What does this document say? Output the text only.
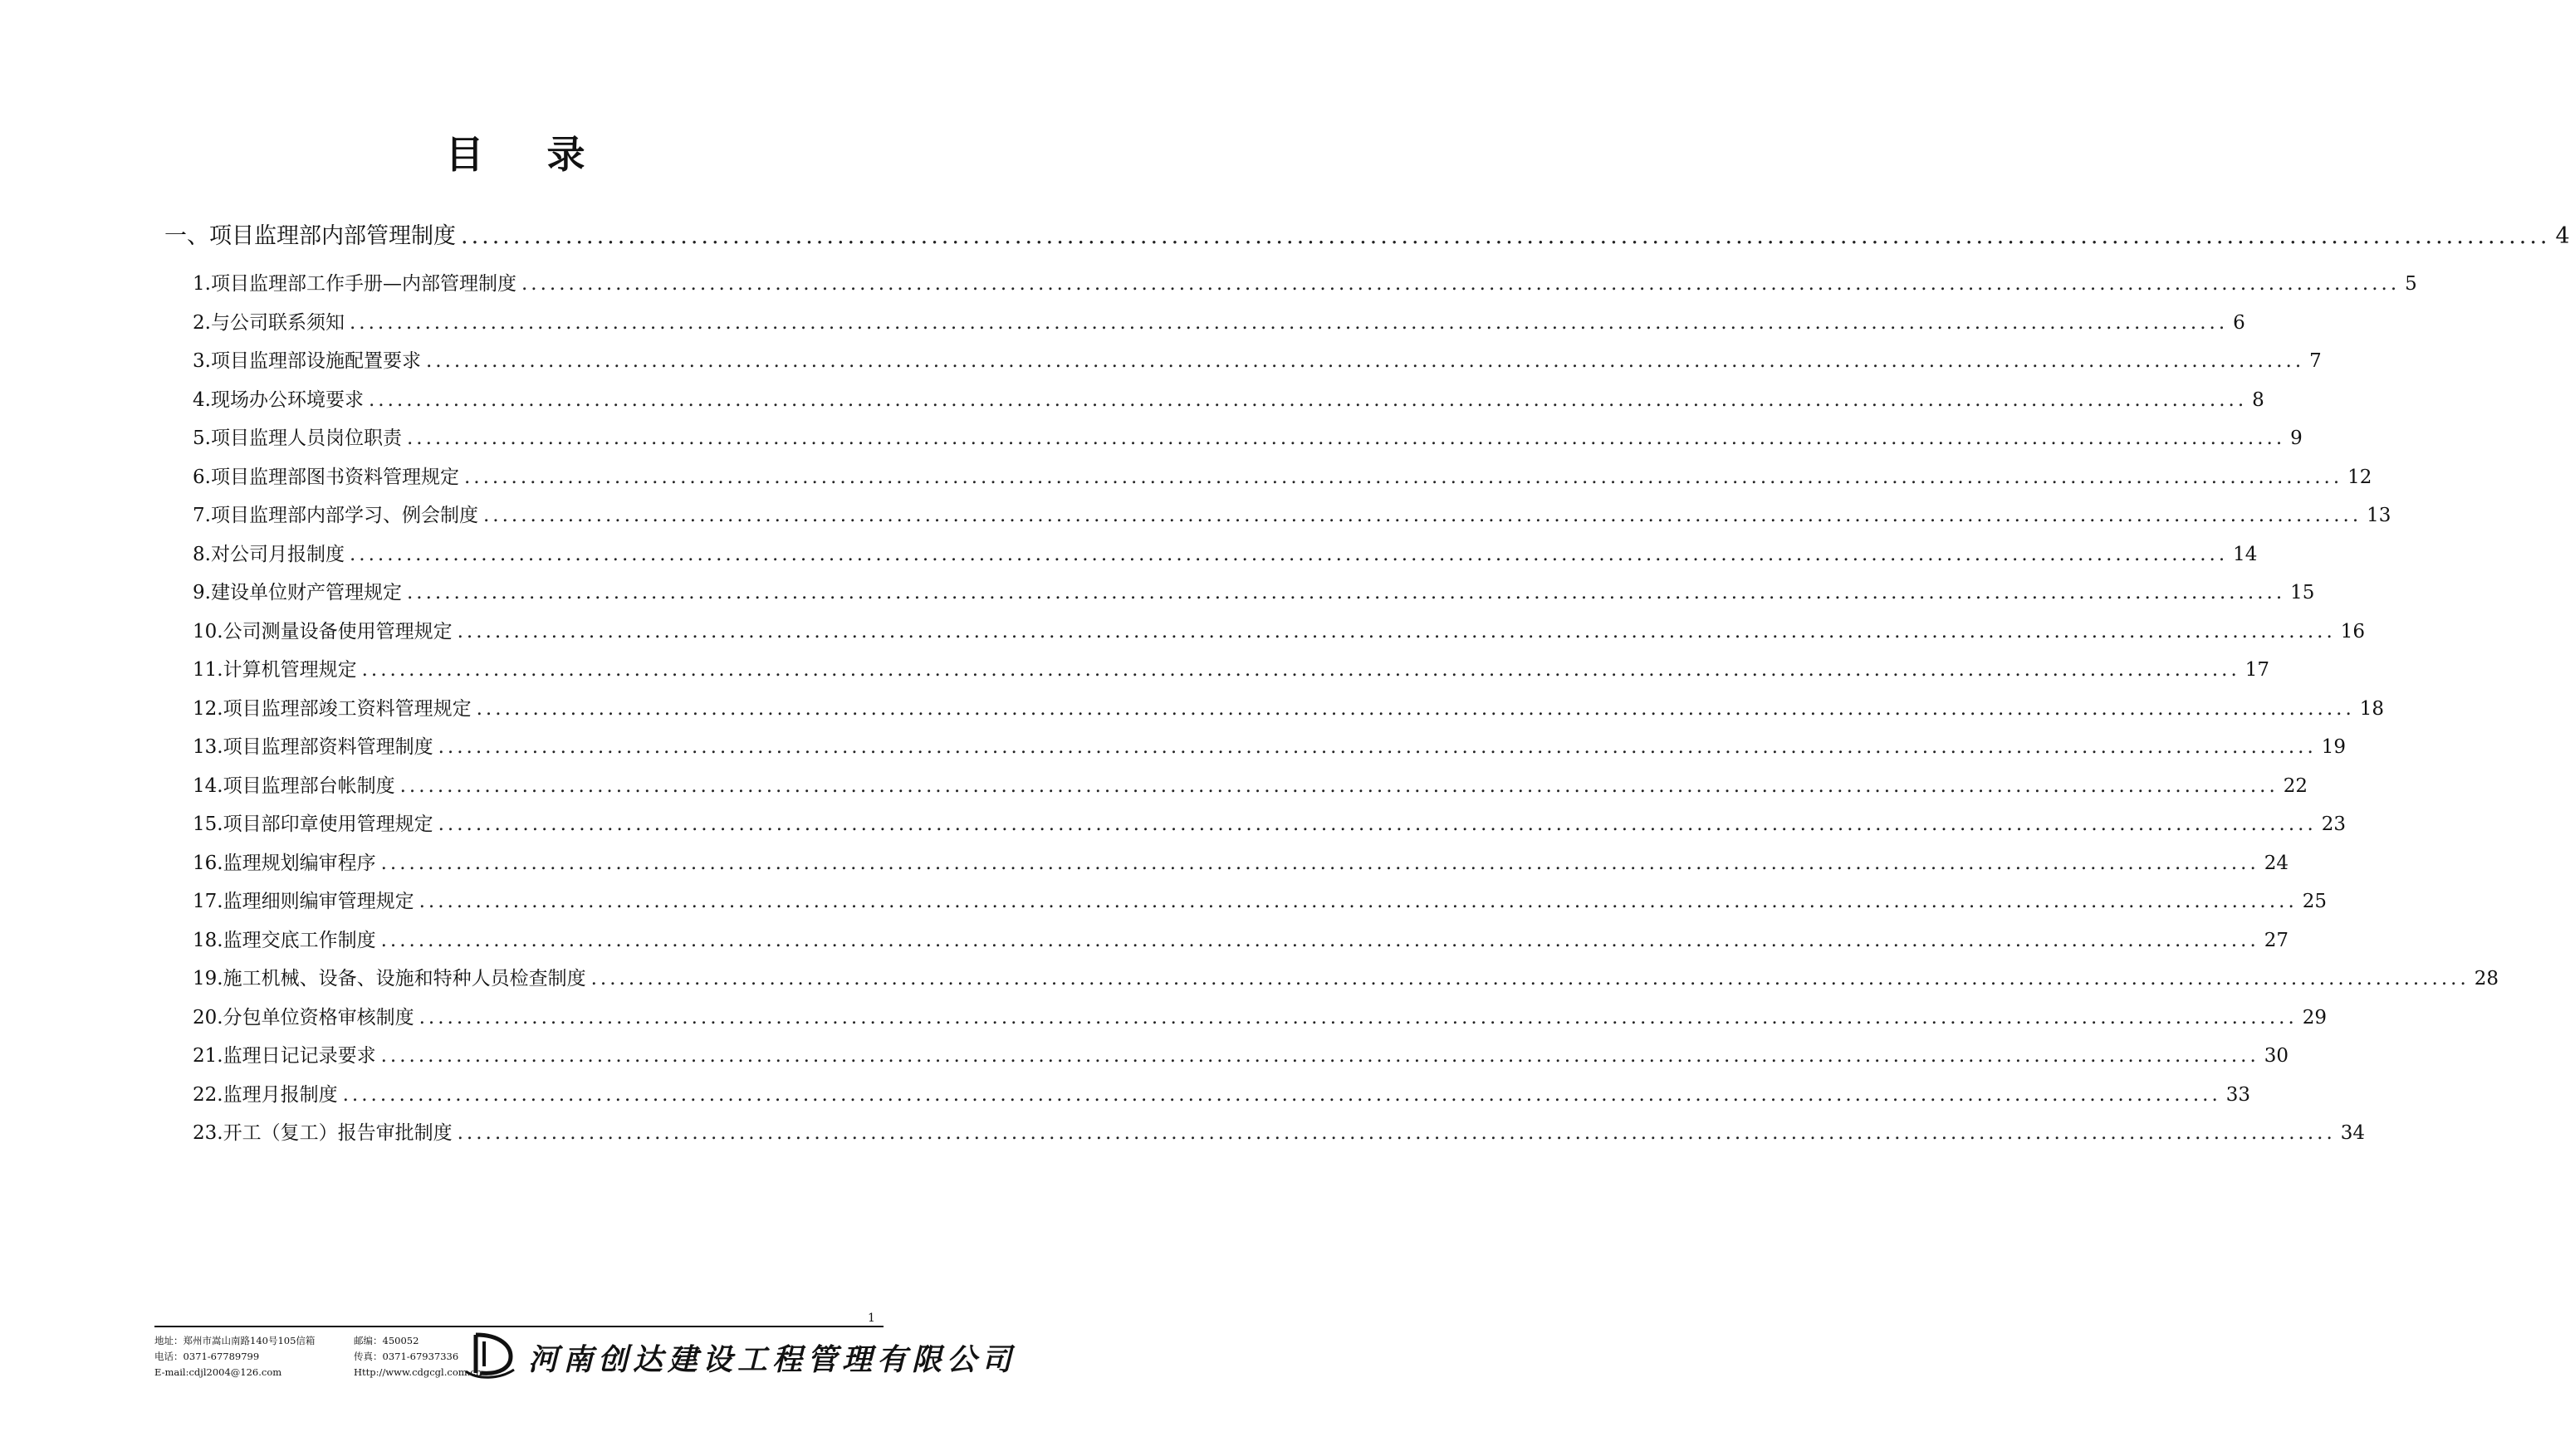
目 录
一、项目监理部内部管理制度 ........................................................................................................................................................................................................ 4
1.项目监理部工作手册—内部管理制度 ........................................................................................................................................................................................................ 5
2.与公司联系须知 ........................................................................................................................................................................................................ 6
3.项目监理部设施配置要求 ........................................................................................................................................................................................................ 7
4.现场办公环境要求 ........................................................................................................................................................................................................ 8
5.项目监理人员岗位职责 ........................................................................................................................................................................................................ 9
6.项目监理部图书资料管理规定 ........................................................................................................................................................................................................ 12
7.项目监理部内部学习、例会制度 ........................................................................................................................................................................................................ 13
8.对公司月报制度 ........................................................................................................................................................................................................ 14
9.建设单位财产管理规定 ........................................................................................................................................................................................................ 15
10.公司测量设备使用管理规定 ........................................................................................................................................................................................................ 16
11.计算机管理规定 ........................................................................................................................................................................................................ 17
12.项目监理部竣工资料管理规定 ........................................................................................................................................................................................................ 18
13.项目监理部资料管理制度 ........................................................................................................................................................................................................ 19
14.项目监理部台帐制度 ........................................................................................................................................................................................................ 22
15.项目部印章使用管理规定 ........................................................................................................................................................................................................ 23
16.监理规划编审程序 ........................................................................................................................................................................................................ 24
17.监理细则编审管理规定 ........................................................................................................................................................................................................ 25
18.监理交底工作制度 ........................................................................................................................................................................................................ 27
19.施工机械、设备、设施和特种人员检查制度 ........................................................................................................................................................................................................ 28
20.分包单位资格审核制度 ........................................................................................................................................................................................................ 29
21.监理日记记录要求 ........................................................................................................................................................................................................ 30
22.监理月报制度 ........................................................................................................................................................................................................ 33
23.开工（复工）报告审批制度 ........................................................................................................................................................................................................ 34
1
地址：郑州市嵩山南路140号105信箱	邮编：450052
电话：0371-67789799	传真：0371-67937336
E-mail:cdjl2004@126.com	Http://www.cdgcgl.com.cn 河南创达建设工程管理有限公司
